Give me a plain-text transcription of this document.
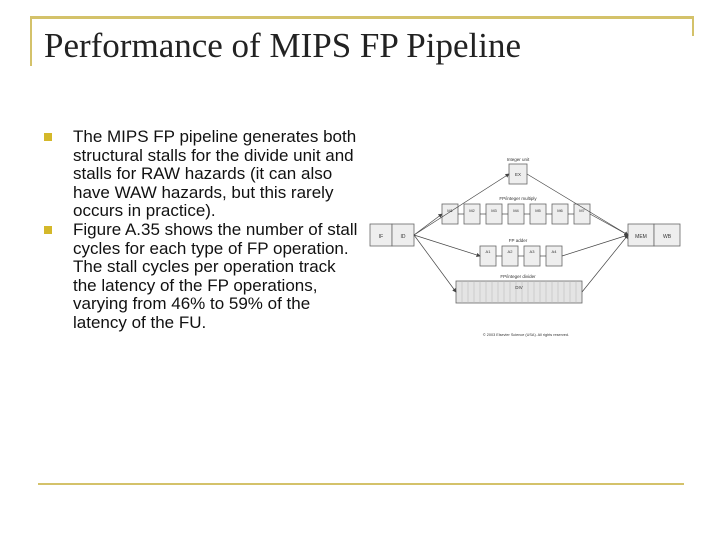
Performance of MIPS FP Pipeline
The MIPS FP pipeline generates both structural stalls for the divide unit and stalls for RAW hazards (it can also have WAW hazards, but this rarely occurs in practice).
Figure A.35 shows the number of stall cycles for each type of FP operation. The stall cycles per operation track the latency of the FP operations, varying from 46% to 59% of the latency of the FU.
IF	ID	MEM	WB
Integer unit
EX
FP/integer multiply
M1	M2	M3	M4	M5	M6	M7
FP adder
A1	A2	A3	A4
FP/integer divider
DIV
© 2003 Elsevier Science (USA). All rights reserved.
